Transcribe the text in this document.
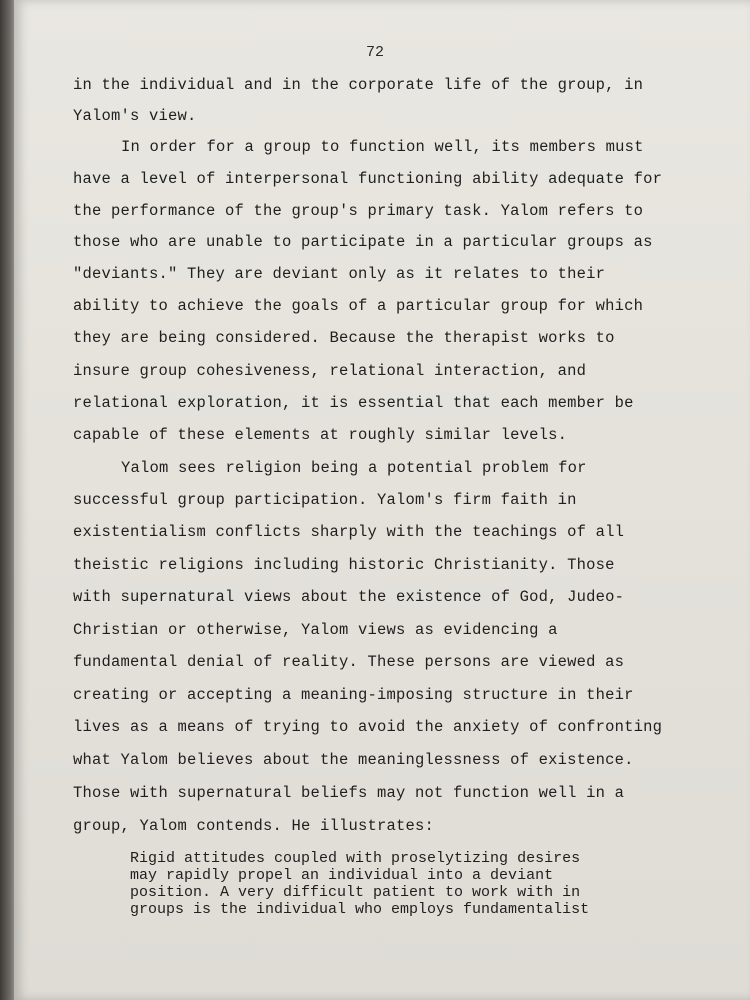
72
in the individual and in the corporate life of the group, in
Yalom's view.
In order for a group to function well, its members must
have a level of interpersonal functioning ability adequate for
the performance of the group's primary task. Yalom refers to
those who are unable to participate in a particular groups as
"deviants." They are deviant only as it relates to their
ability to achieve the goals of a particular group for which
they are being considered. Because the therapist works to
insure group cohesiveness, relational interaction, and
relational exploration, it is essential that each member be
capable of these elements at roughly similar levels.
Yalom sees religion being a potential problem for
successful group participation. Yalom's firm faith in
existentialism conflicts sharply with the teachings of all
theistic religions including historic Christianity. Those
with supernatural views about the existence of God, Judeo-
Christian or otherwise, Yalom views as evidencing a
fundamental denial of reality. These persons are viewed as
creating or accepting a meaning-imposing structure in their
lives as a means of trying to avoid the anxiety of confronting
what Yalom believes about the meaninglessness of existence.
Those with supernatural beliefs may not function well in a
group, Yalom contends. He illustrates:
Rigid attitudes coupled with proselytizing desires
may rapidly propel an individual into a deviant
position. A very difficult patient to work with in
groups is the individual who employs fundamentalist
